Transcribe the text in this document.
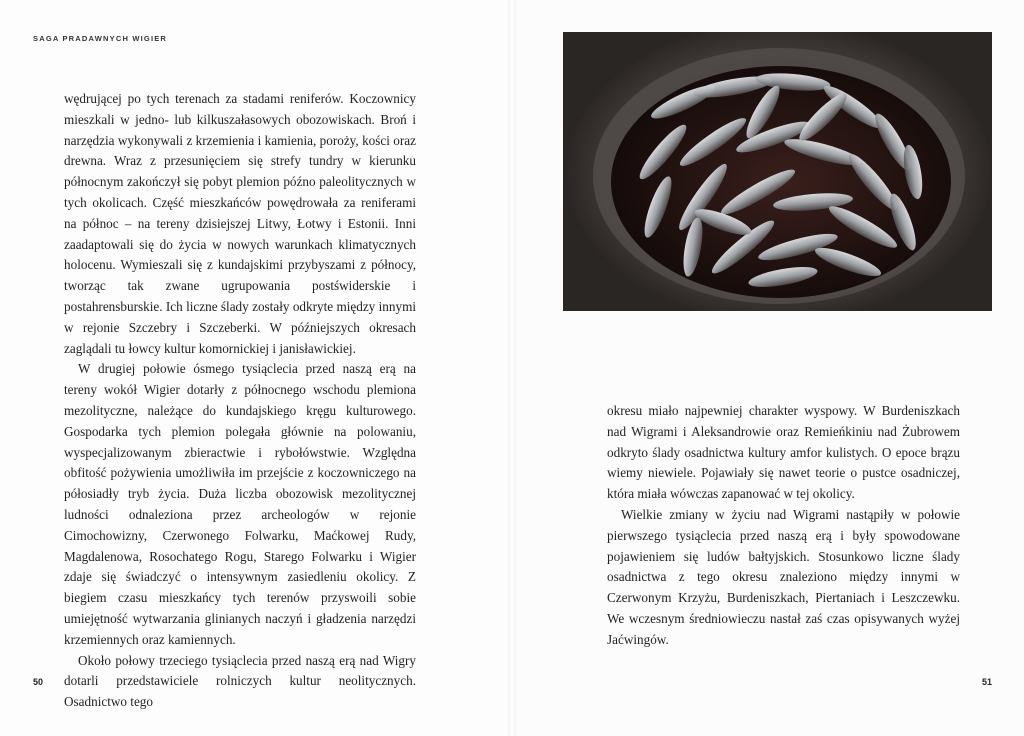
SAGA PRADAWNYCH WIGIER

wędrującej po tych terenach za stadami reniferów. Koczownicy mieszkali w jedno- lub kilkuszałasowych obozowiskach. Broń i narzędzia wykonywali z krzemienia i kamienia, poroży, kości oraz drewna. Wraz z przesunięciem się strefy tundry w kierunku północnym zakończył się pobyt plemion późno paleolitycznych w tych okolicach. Część mieszkańców powędrowała za reniferami na północ – na tereny dzisiejszej Litwy, Łotwy i Estonii. Inni zaadaptowali się do życia w nowych warunkach klimatycznych holocenu. Wymieszali się z kundajskimi przybyszami z północy, tworząc tak zwane ugrupowania postświderskie i postahrensburskie. Ich liczne ślady zostały odkryte między innymi w rejonie Szczebry i Szczeberki. W późniejszych okresach zaglądali tu łowcy kultur komornickiej i janisławickiej.

W drugiej połowie ósmego tysiąclecia przed naszą erą na tereny wokół Wigier dotarły z północnego wschodu plemiona mezolityczne, należące do kundajskiego kręgu kulturowego. Gospodarka tych plemion polegała głównie na polowaniu, wyspecjalizowanym zbieractwie i rybołówstwie. Względna obfitość pożywienia umożliwiła im przejście z koczowniczego na półosiadły tryb życia. Duża liczba obozowisk mezolitycznej ludności odnaleziona przez archeologów w rejonie Cimochowizny, Czerwonego Folwarku, Maćkowej Rudy, Magdalenowa, Rosochatego Rogu, Starego Folwarku i Wigier zdaje się świadczyć o intensywnym zasiedleniu okolicy. Z biegiem czasu mieszkańcy tych terenów przyswoili sobie umiejętność wytwarzania glinianych naczyń i gładzenia narzędzi krzemiennych oraz kamiennych.

Około połowy trzeciego tysiąclecia przed naszą erą nad Wigry dotarli przedstawiciele rolniczych kultur neolitycznych. Osadnictwo tego

50

okresu miało najpewniej charakter wyspowy. W Burdeniszkach nad Wigrami i Aleksandrowie oraz Remieńkiniu nad Żubrowem odkryto ślady osadnictwa kultury amfor kulistych. O epoce brązu wiemy niewiele. Pojawiały się nawet teorie o pustce osadniczej, która miała wówczas zapanować w tej okolicy.

Wielkie zmiany w życiu nad Wigrami nastąpiły w połowie pierwszego tysiąclecia przed naszą erą i były spowodowane pojawieniem się ludów bałtyjskich. Stosunkowo liczne ślady osadnictwa z tego okresu znaleziono między innymi w Czerwonym Krzyżu, Burdeniszkach, Piertaniach i Leszczewku. We wczesnym średniowieczu nastał zaś czas opisywanych wyżej Jaćwingów.

51
